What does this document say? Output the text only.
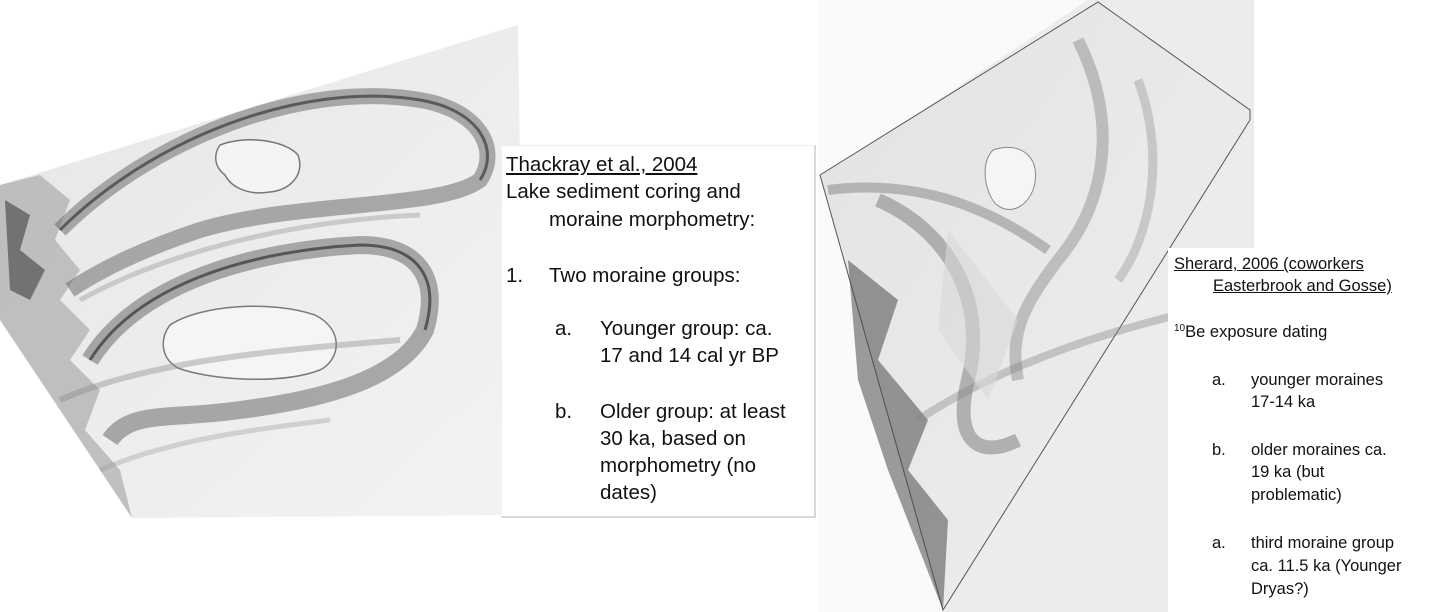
Thackray et al., 2004
Lake sediment coring and
moraine morphometry:
1. Two moraine groups:
a. Younger group: ca.
17 and 14 cal yr BP
b. Older group: at least
30 ka, based on
morphometry (no
dates)
Sherard, 2006 (coworkers
Easterbrook and Gosse)
$^{10}$Be exposure dating
a. younger moraines
17-14 ka
b. older moraines ca.
19 ka (but
problematic)
a. third moraine group
ca. 11.5 ka (Younger
Dryas?)
